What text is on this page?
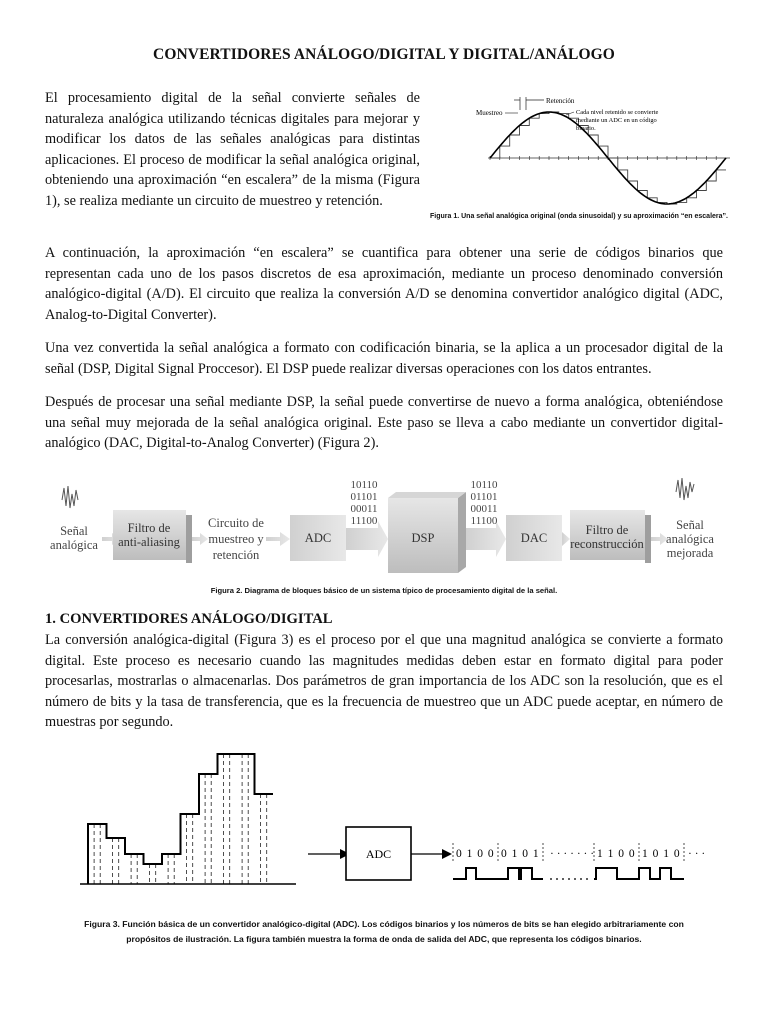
CONVERTIDORES ANÁLOGO/DIGITAL Y DIGITAL/ANÁLOGO

El procesamiento digital de la señal convierte señales de naturaleza analógica utilizando técnicas digitales para mejorar y modificar los datos de las señales analógicas para distintas aplicaciones. El proceso de modificar la señal analógica original, obteniendo una aproximación “en escalera” de la misma (Figura 1), se realiza mediante un circuito de muestreo y retención.

Retención
Muestreo	Cada nivel retenido se convierte
mediante un ADC en un código
binario.

Figura 1. Una señal analógica original (onda sinusoidal) y su aproximación “en escalera”.

A continuación, la aproximación “en escalera” se cuantifica para obtener una serie de códigos binarios que representan cada uno de los pasos discretos de esa aproximación, mediante un proceso denominado conversión analógico-digital (A/D). El circuito que realiza la conversión A/D se denomina convertidor analógico digital (ADC, Analog-to-Digital Converter).

Una vez convertida la señal analógica a formato con codificación binaria, se la aplica a un procesador digital de la señal (DSP, Digital Signal Proccesor). El DSP puede realizar diversas operaciones con los datos entrantes.

Después de procesar una señal mediante DSP, la señal puede convertirse de nuevo a forma analógica, obteniéndose una señal muy mejorada de la señal analógica original. Este paso se lleva a cabo mediante un convertidor digital-analógico (DAC, Digital-to-Analog Converter) (Figura 2).

Señal
analógica
Filtro de
anti-aliasing
Circuito de
muestreo y
retención
ADC
10110
01101
00011
11100
DSP
10110
01101
00011
11100
DAC
Filtro de
reconstrucción
Señal
analógica
mejorada

Figura 2. Diagrama de bloques básico de un sistema típico de procesamiento digital de la señal.

1. CONVERTIDORES ANÁLOGO/DIGITAL

La conversión analógica-digital (Figura 3) es el proceso por el que una magnitud analógica se convierte a formato digital. Este proceso es necesario cuando las magnitudes medidas deben estar en formato digital para poder procesarlas, mostrarlas o almacenarlas. Dos parámetros de gran importancia de los ADC son la resolución, que es el número de bits y la tasa de transferencia, que es la frecuencia de muestreo que un ADC puede aceptar, en número de muestras por segundo.

ADC	0 1 0 0 0 1 0 1 · · · · · · · 1 1 0 0 1 0 1 0 · · ·

Figura 3. Función básica de un convertidor analógico-digital (ADC). Los códigos binarios y los números de bits se han elegido arbitrariamente con
propósitos de ilustración. La figura también muestra la forma de onda de salida del ADC, que representa los códigos binarios.
